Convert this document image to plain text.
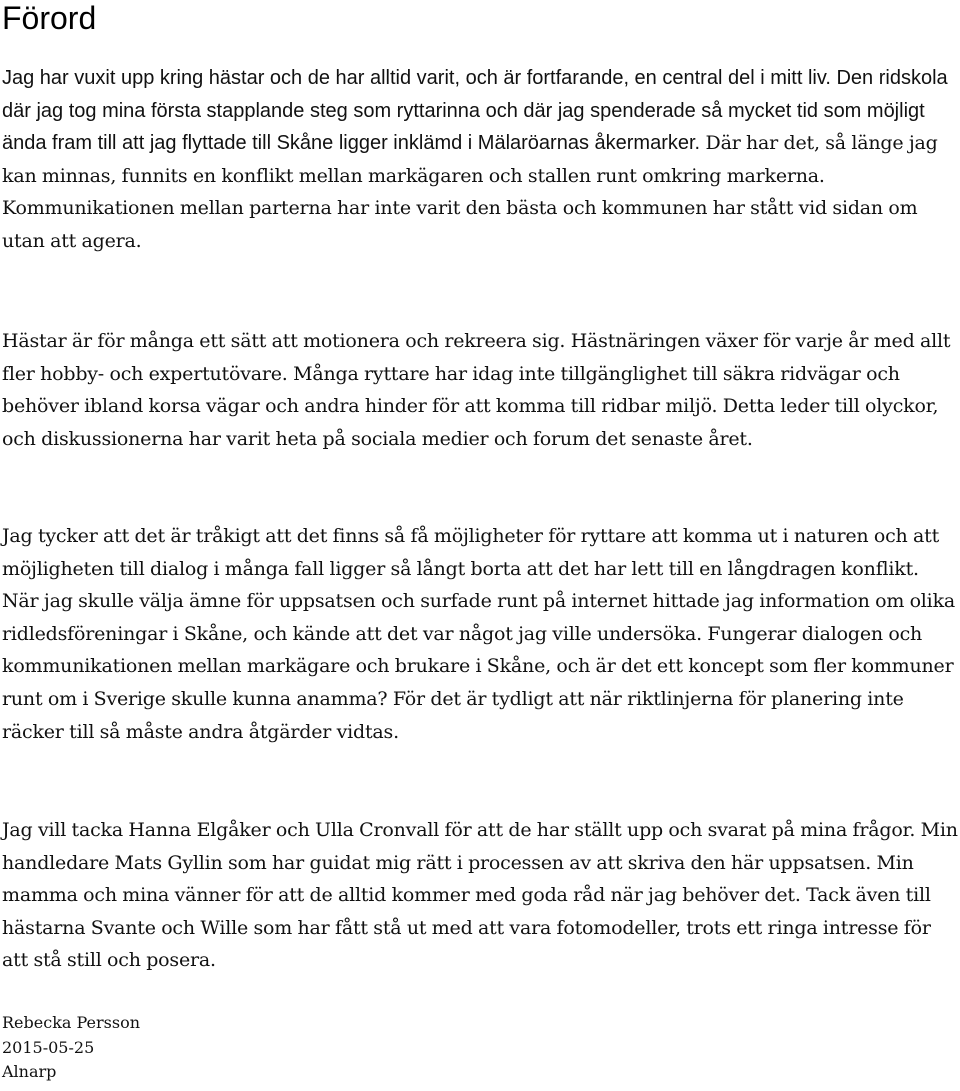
Förord

Jag har vuxit upp kring hästar och de har alltid varit, och är fortfarande, en central del i mitt liv. Den ridskola där jag tog mina första stapplande steg som ryttarinna och där jag spenderade så mycket tid som möjligt ända fram till att jag flyttade till Skåne ligger inklämd i Mälaröarnas åkermarker. Där har det, så länge jag kan minnas, funnits en konflikt mellan markägaren och stallen runt omkring markerna. Kommunikationen mellan parterna har inte varit den bästa och kommunen har stått vid sidan om utan att agera.

Hästar är för många ett sätt att motionera och rekreera sig. Hästnäringen växer för varje år med allt fler hobby- och expertutövare. Många ryttare har idag inte tillgänglighet till säkra ridvägar och behöver ibland korsa vägar och andra hinder för att komma till ridbar miljö. Detta leder till olyckor, och diskussionerna har varit heta på sociala medier och forum det senaste året.

Jag tycker att det är tråkigt att det finns så få möjligheter för ryttare att komma ut i naturen och att möjligheten till dialog i många fall ligger så långt borta att det har lett till en långdragen konflikt. När jag skulle välja ämne för uppsatsen och surfade runt på internet hittade jag information om olika ridledsföreningar i Skåne, och kände att det var något jag ville undersöka. Fungerar dialogen och kommunikationen mellan markägare och brukare i Skåne, och är det ett koncept som fler kommuner runt om i Sverige skulle kunna anamma? För det är tydligt att när riktlinjerna för planering inte räcker till så måste andra åtgärder vidtas.

Jag vill tacka Hanna Elgåker och Ulla Cronvall för att de har ställt upp och svarat på mina frågor. Min handledare Mats Gyllin som har guidat mig rätt i processen av att skriva den här uppsatsen. Min mamma och mina vänner för att de alltid kommer med goda råd när jag behöver det. Tack även till hästarna Svante och Wille som har fått stå ut med att vara fotomodeller, trots ett ringa intresse för att stå still och posera.

Rebecka Persson
2015-05-25
Alnarp
